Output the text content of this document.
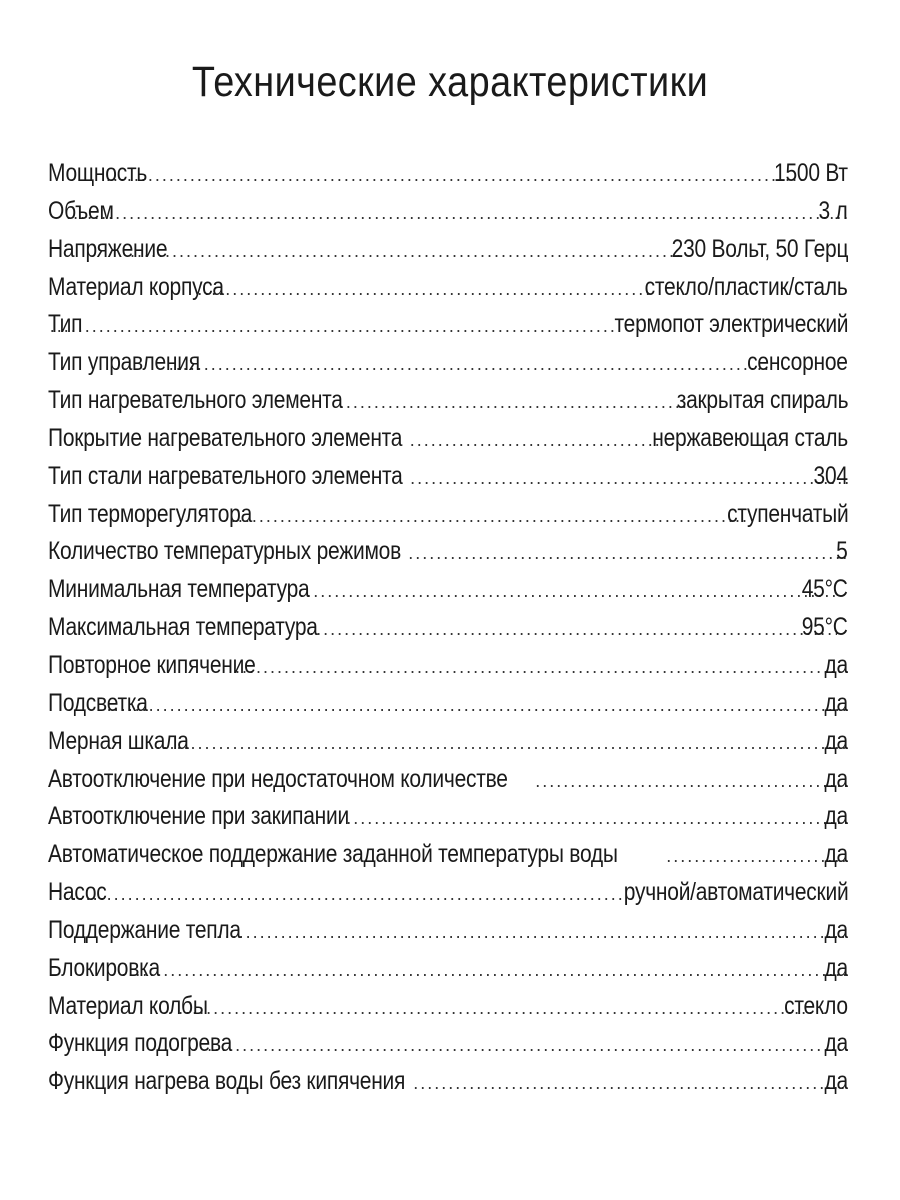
Технические характеристики
Мощность .....	1500 Вт
Объем .....	3 л
Напряжение .....	230 Вольт, 50 Герц
Материал корпуса .....	стекло/пластик/сталь
Тип .....	термопот электрический
Тип управления .....	сенсорное
Тип нагревательного элемента .....	закрытая спираль
Покрытие нагревательного элемента .....	нержавеющая сталь
Тип стали нагревательного элемента .....	304
Тип терморегулятора .....	ступенчатый
Количество температурных режимов .....	5
Минимальная температура .....	45°C
Максимальная температура .....	95°C
Повторное кипячение .....	да
Подсветка .....	да
Мерная шкала .....	да
Автоотключение при недостаточном количестве .....	да
Автоотключение при закипании .....	да
Автоматическое поддержание заданной температуры воды .....	да
Насос .....	ручной/автоматический
Поддержание тепла .....	да
Блокировка .....	да
Материал колбы .....	стекло
Функция подогрева .....	да
Функция нагрева воды без кипячения .....	да
